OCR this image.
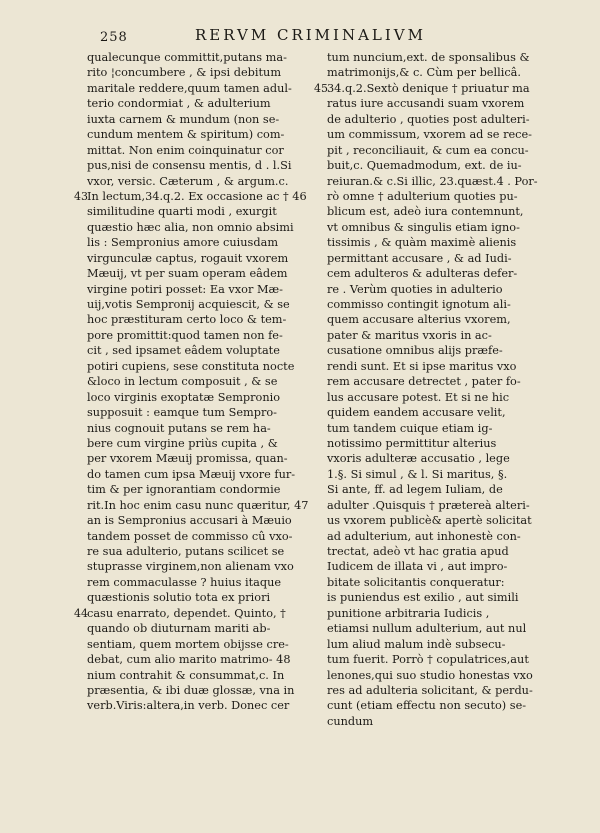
258	RERVM CRIMINALIVM
qualecunque committit,putans ma-
rito ¦concumbere , & ipsi debitum
maritale reddere,quum tamen adul-
terio condormiat , & adulterium
iuxta carnem & mundum (non se-
cundum mentem & spiritum) com-
mittat. Non enim coinquinatur cor
pus,nisi de consensu mentis, d . l.Si
vxor, versic. Cæterum , & argum.c.
43 In lectum,34.q.2. Ex occasione ac † 46
similitudine quarti modi , exurgit
quæstio hæc alia, non omnio absimi
lis : Sempronius amore cuiusdam
virgunculæ captus, rogauit vxorem
Mæuij, vt per suam operam eâdem
virgine potiri posset: Ea vxor Mæ-
uij,votis Sempronij acquiescit, & se
hoc præstituram certo loco & tem-
pore promittit:quod tamen non fe-
cit , sed ipsamet eâdem voluptate
potiri cupiens, sese constituta nocte
&loco in lectum composuit , & se
loco virginis exoptatæ Sempronio
supposuit : eamque tum Sempro-
nius cognouit putans se rem ha-
bere cum virgine priùs cupita , &
per vxorem Mæuij promissa, quan-
do tamen cum ipsa Mæuij vxore fur-
tim & per ignorantiam condormie
rit.In hoc enim casu nunc quæritur, 47
an is Sempronius accusari à Mæuio
tandem posset de commisso cû vxo-
re sua adulterio, putans scilicet se
stuprasse virginem,non alienam vxo
rem commaculasse ? huius itaque
quæstionis solutio tota ex priori
44 casu enarrato, dependet. Quinto, †
quando ob diuturnam mariti ab-
sentiam, quem mortem obijsse cre-
debat, cum alio marito matrimo- 48
nium contrahit & consummat,c. In
præsentia, & ibi duæ glossæ, vna in
verb.Viris:altera,in verb. Donec cer
tum nuncium,ext. de sponsalibus &
matrimonijs,& c. Cùm per bellicâ.
45 34.q.2.Sextò denique † priuatur ma
ratus iure accusandi suam vxorem
de adulterio , quoties post adulteri-
um commissum, vxorem ad se rece-
pit , reconciliauit, & cum ea concu-
buit,c. Quemadmodum, ext. de iu-
reiuran.& c.Si illic, 23.quæst.4 . Por-
rò omne † adulterium quoties pu-
blicum est, adeò iura contemnunt,
vt omnibus & singulis etiam igno-
tissimis , & quàm maximè alienis
permittant accusare , & ad Iudi-
cem adulteros & adulteras defer-
re . Verùm quoties in adulterio
commisso contingit ignotum ali-
quem accusare alterius vxorem,
pater & maritus vxoris in ac-
cusatione omnibus alijs præfe-
rendi sunt. Et si ipse maritus vxo
rem accusare detrectet , pater fo-
lus accusare potest. Et si ne hic
quidem eandem accusare velit,
tum tandem cuique etiam ig-
notissimo permittitur alterius
vxoris adulteræ accusatio , lege
1.§. Si simul , & l. Si maritus, §.
Si ante, ff. ad legem Iuliam, de
adulter .Quisquis † prætereà alteri-
us vxorem publicè& apertè solicitat
ad adulterium, aut inhonestè con-
trectat, adeò vt hac gratia apud
Iudicem de illata vi , aut impro-
bitate solicitantis conqueratur:
is puniendus est exilio , aut simili
punitione arbitraria Iudicis ,
etiamsi nullum adulterium, aut nul
lum aliud malum indè subsecu-
tum fuerit. Porrò † copulatrices,aut
lenones,qui suo studio honestas vxo
res ad adulteria solicitant, & perdu-
cunt (etiam effectu non secuto) se-
cundum
